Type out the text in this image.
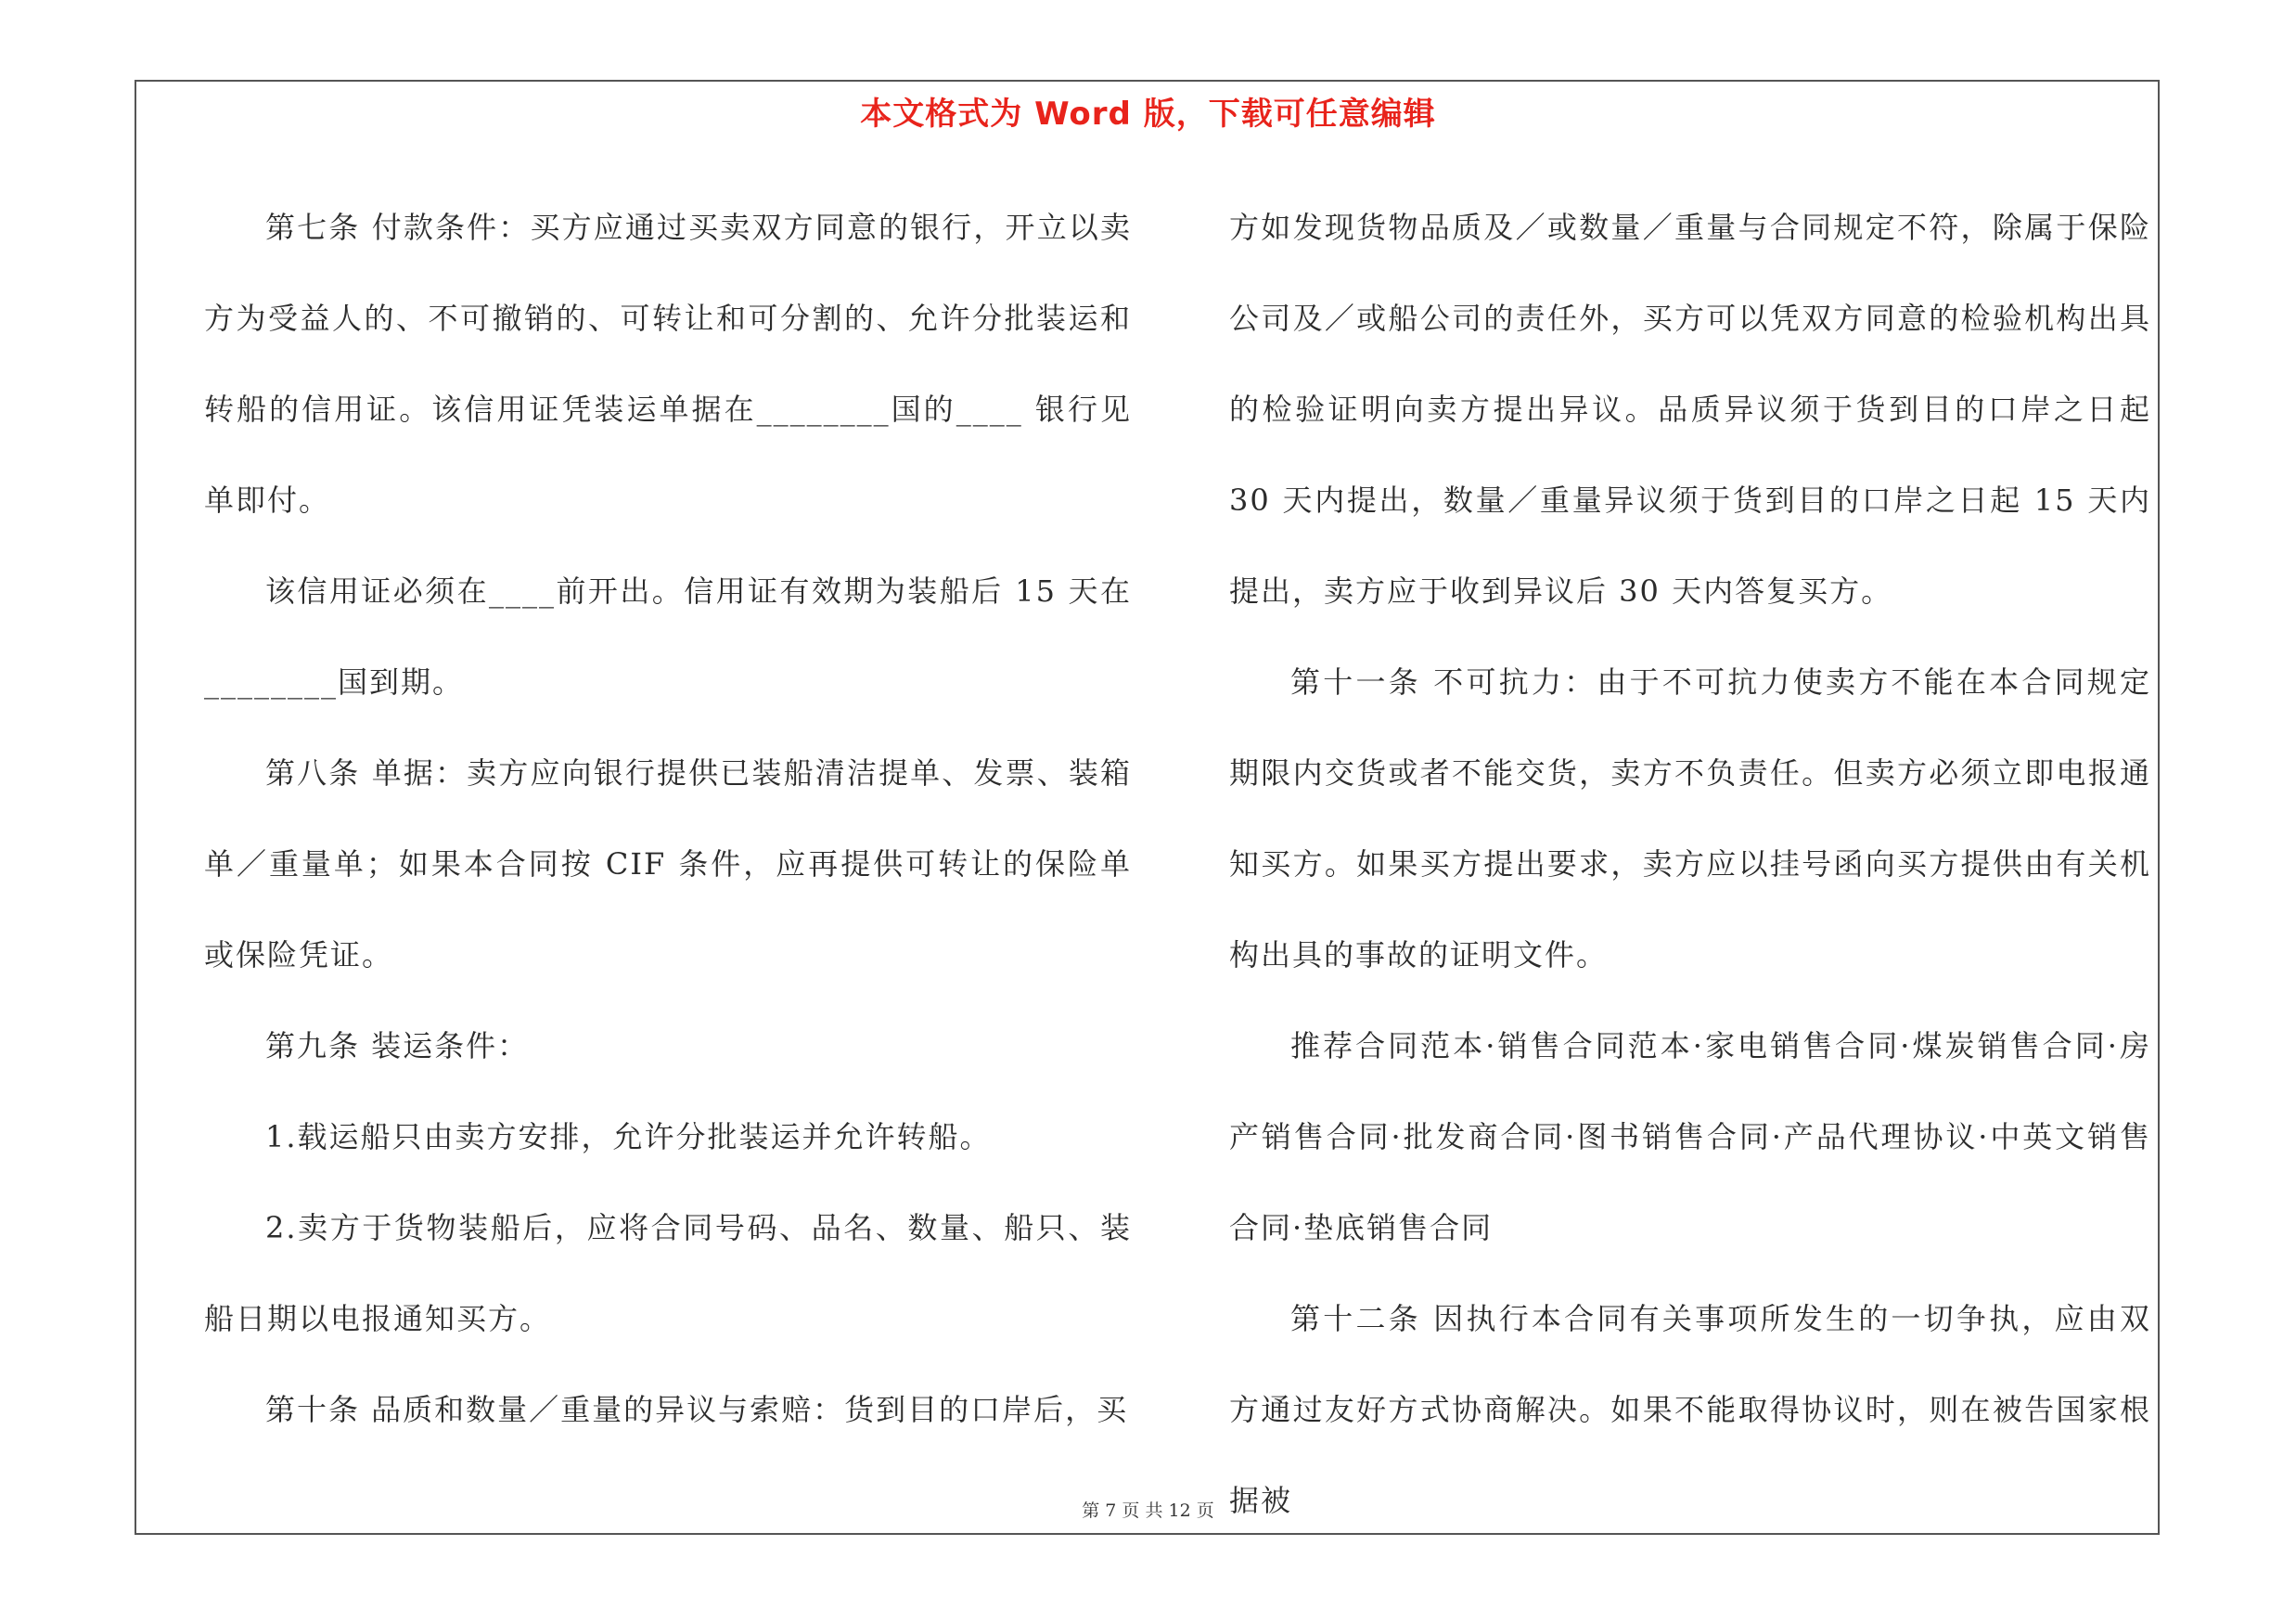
本文格式为 Word 版，下载可任意编辑

第七条 付款条件：买方应通过买卖双方同意的银行，开立以卖方为受益人的、不可撤销的、可转让和可分割的、允许分批装运和转船的信用证。该信用证凭装运单据在________国的____ 银行见单即付。

该信用证必须在____前开出。信用证有效期为装船后 15 天在________国到期。

第八条 单据：卖方应向银行提供已装船清洁提单、发票、装箱单／重量单；如果本合同按 CIF 条件，应再提供可转让的保险单或保险凭证。

第九条 装运条件：

1.载运船只由卖方安排，允许分批装运并允许转船。

2.卖方于货物装船后，应将合同号码、品名、数量、船只、装船日期以电报通知买方。

第十条 品质和数量／重量的异议与索赔：货到目的口岸后，买

方如发现货物品质及／或数量／重量与合同规定不符，除属于保险公司及／或船公司的责任外，买方可以凭双方同意的检验机构出具的检验证明向卖方提出异议。品质异议须于货到目的口岸之日起 30 天内提出，数量／重量异议须于货到目的口岸之日起 15 天内提出，卖方应于收到异议后 30 天内答复买方。

第十一条 不可抗力：由于不可抗力使卖方不能在本合同规定期限内交货或者不能交货，卖方不负责任。但卖方必须立即电报通知买方。如果买方提出要求，卖方应以挂号函向买方提供由有关机构出具的事故的证明文件。

推荐合同范本·销售合同范本·家电销售合同·煤炭销售合同·房产销售合同·批发商合同·图书销售合同·产品代理协议·中英文销售合同·垫底销售合同

第十二条 因执行本合同有关事项所发生的一切争执，应由双方通过友好方式协商解决。如果不能取得协议时，则在被告国家根据被

第 7 页 共 12 页
